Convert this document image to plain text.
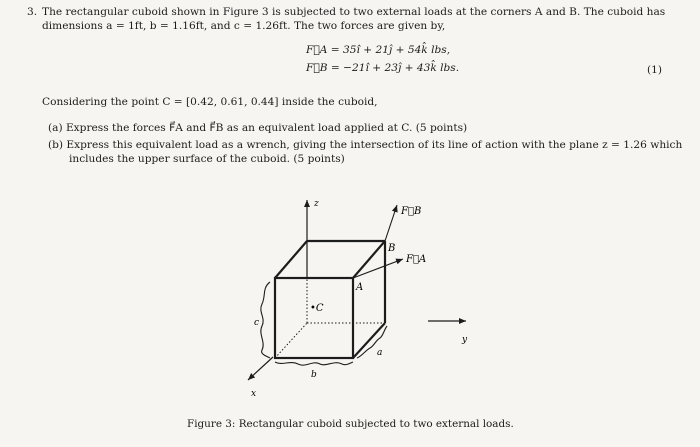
3. The rectangular cuboid shown in Figure 3 is subjected to two external loads at the corners A and B. The cuboid has
dimensions a = 1ft, b = 1.16ft, and c = 1.26ft. The two forces are given by,
F⃗A = 35î + 21ĵ + 54k̂ lbs,
F⃗B = −21î + 23ĵ + 43k̂ lbs.	(1)
Considering the point C = [0.42, 0.61, 0.44] inside the cuboid,
(a) Express the forces F⃗A and F⃗B as an equivalent load applied at C. (5 points)
(b) Express this equivalent load as a wrench, giving the intersection of its line of action with the plane z = 1.26 which
includes the upper surface of the cuboid. (5 points)
z
y
x
a
b
c
A
B
•C
F⃗B
F⃗A
Figure 3: Rectangular cuboid subjected to two external loads.
